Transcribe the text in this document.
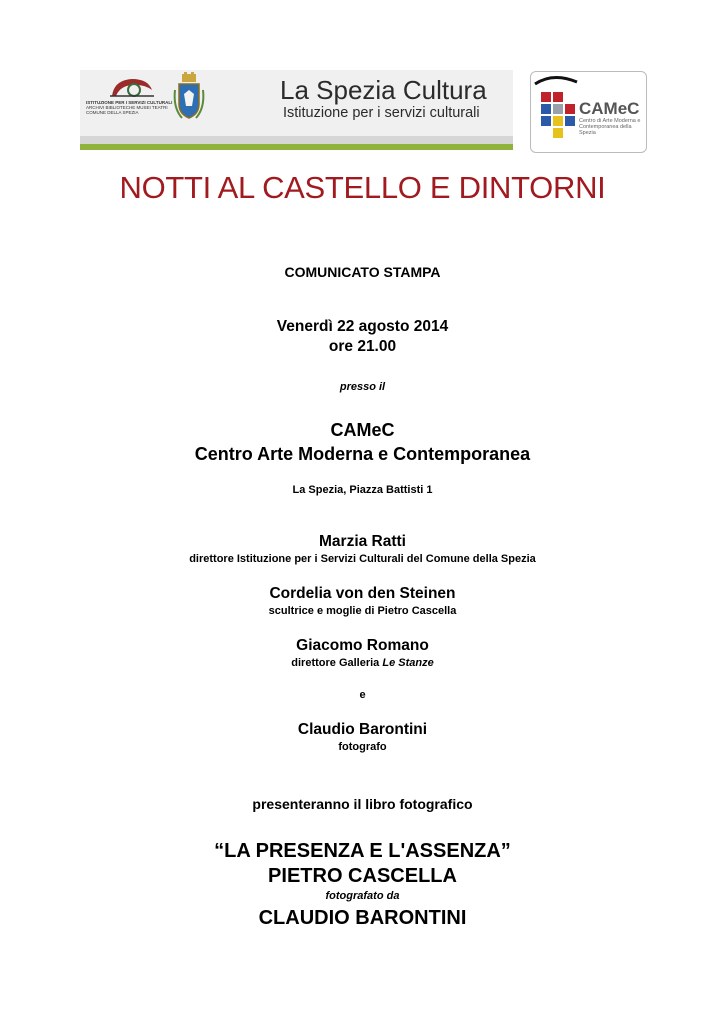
ISTITUZIONE PER I SERVIZI CULTURALI
ARCHIVI BIBLIOTECHE MUSEI TEATRI
COMUNE DELLA SPEZIA
La Spezia Cultura
Istituzione per i servizi culturali	CAMeC
Centro di Arte Moderna e Contemporanea della Spezia
NOTTI AL CASTELLO E DINTORNI
COMUNICATO STAMPA
Venerdì 22 agosto 2014
ore 21.00
presso il
CAMeC
Centro Arte Moderna e Contemporanea
La Spezia, Piazza Battisti 1
Marzia Ratti
direttore Istituzione per i Servizi Culturali del Comune della Spezia
Cordelia von den Steinen
scultrice e moglie di Pietro Cascella
Giacomo Romano
direttore Galleria Le Stanze
e
Claudio Barontini
fotografo
presenteranno il libro fotografico
“LA PRESENZA E L'ASSENZA”
PIETRO CASCELLA
fotografato da
CLAUDIO BARONTINI
